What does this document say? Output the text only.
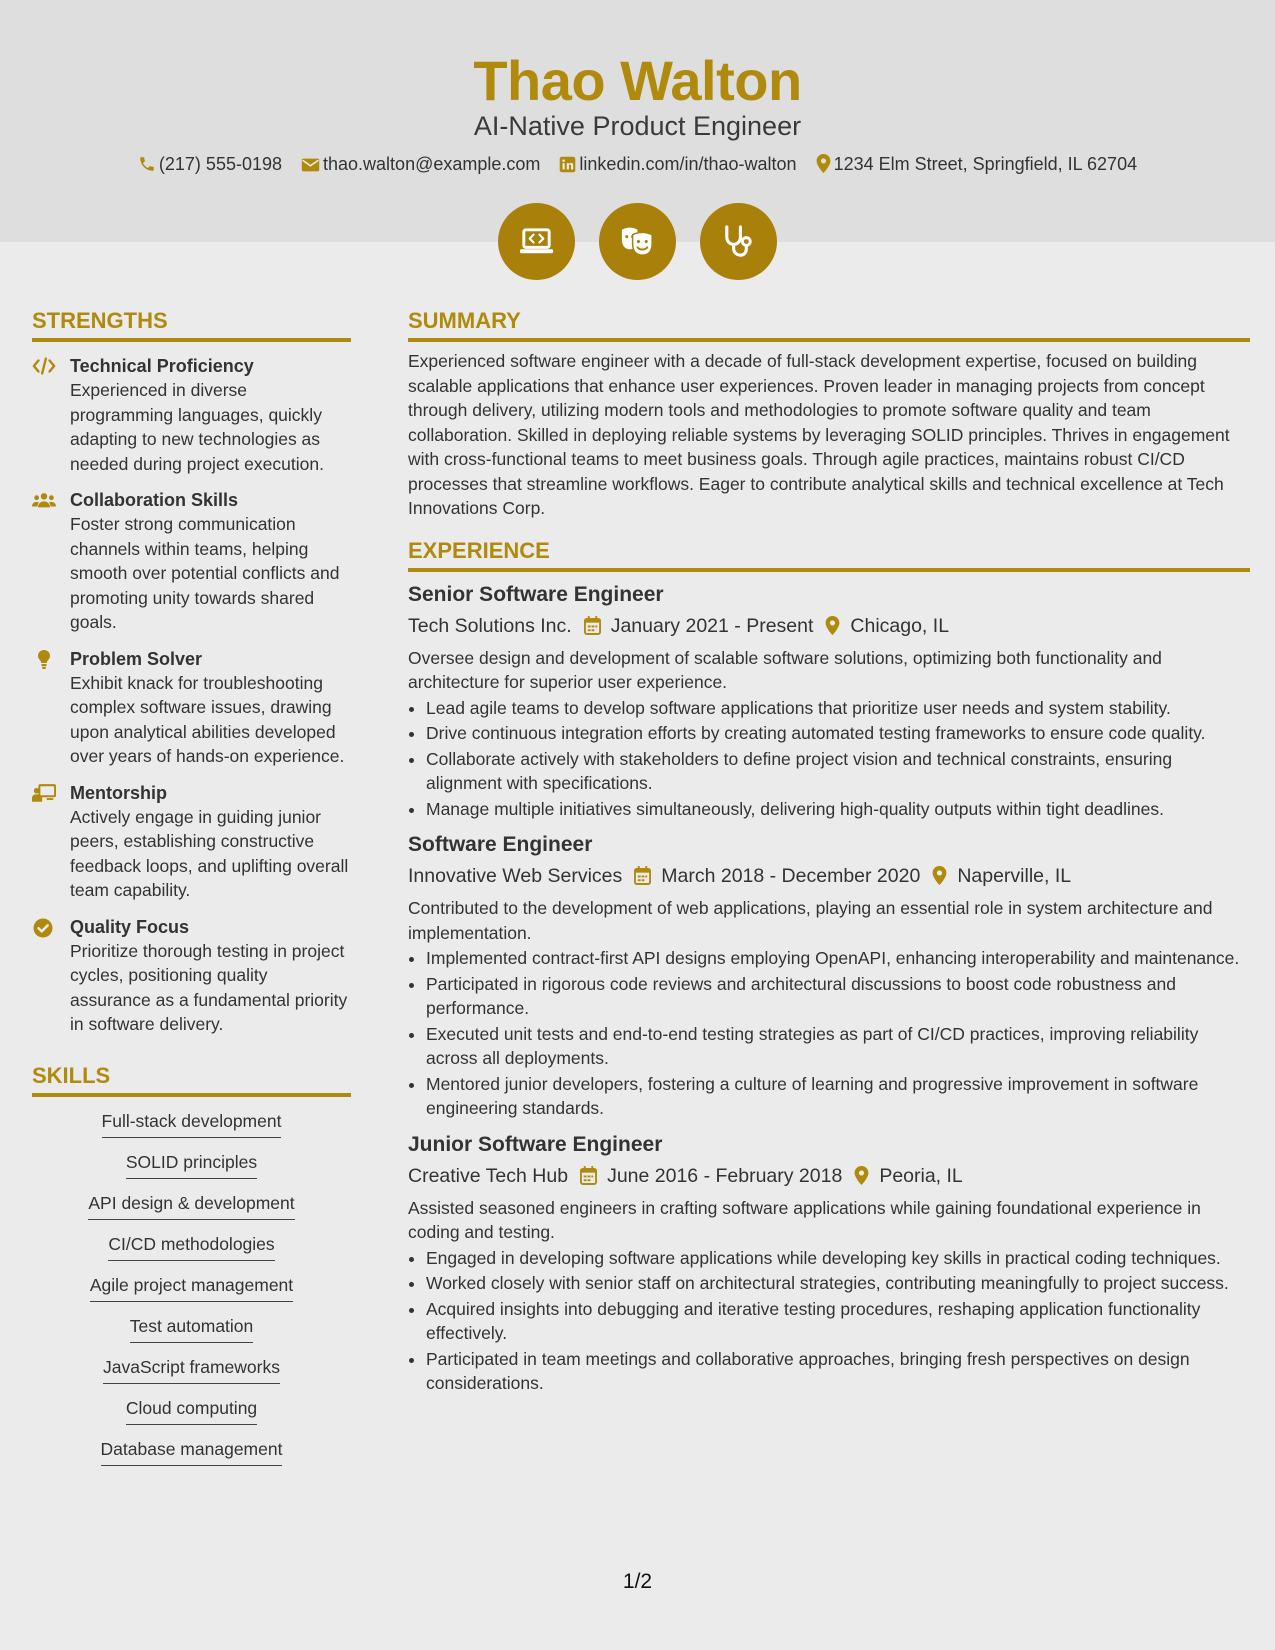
Thao Walton
AI-Native Product Engineer
(217) 555-0198 thao.walton@example.com linkedin.com/in/thao-walton 1234 Elm Street, Springfield, IL 62704

STRENGTHS
Technical Proficiency
Experienced in diverse programming languages, quickly adapting to new technologies as needed during project execution.
Collaboration Skills
Foster strong communication channels within teams, helping smooth over potential conflicts and promoting unity towards shared goals.
Problem Solver
Exhibit knack for troubleshooting complex software issues, drawing upon analytical abilities developed over years of hands-on experience.
Mentorship
Actively engage in guiding junior peers, establishing constructive feedback loops, and uplifting overall team capability.
Quality Focus
Prioritize thorough testing in project cycles, positioning quality assurance as a fundamental priority in software delivery.
SKILLS
Full-stack development
SOLID principles
API design & development
CI/CD methodologies
Agile project management
Test automation
JavaScript frameworks
Cloud computing
Database management
SUMMARY
Experienced software engineer with a decade of full-stack development expertise, focused on building scalable applications that enhance user experiences. Proven leader in managing projects from concept through delivery, utilizing modern tools and methodologies to promote software quality and team collaboration. Skilled in deploying reliable systems by leveraging SOLID principles. Thrives in engagement with cross-functional teams to meet business goals. Through agile practices, maintains robust CI/CD processes that streamline workflows. Eager to contribute analytical skills and technical excellence at Tech Innovations Corp.
EXPERIENCE
Senior Software Engineer
Tech Solutions Inc. January 2021 - Present Chicago, IL
Oversee design and development of scalable software solutions, optimizing both functionality and architecture for superior user experience.
• Lead agile teams to develop software applications that prioritize user needs and system stability.
• Drive continuous integration efforts by creating automated testing frameworks to ensure code quality.
• Collaborate actively with stakeholders to define project vision and technical constraints, ensuring alignment with specifications.
• Manage multiple initiatives simultaneously, delivering high-quality outputs within tight deadlines.
Software Engineer
Innovative Web Services March 2018 - December 2020 Naperville, IL
Contributed to the development of web applications, playing an essential role in system architecture and implementation.
• Implemented contract-first API designs employing OpenAPI, enhancing interoperability and maintenance.
• Participated in rigorous code reviews and architectural discussions to boost code robustness and performance.
• Executed unit tests and end-to-end testing strategies as part of CI/CD practices, improving reliability across all deployments.
• Mentored junior developers, fostering a culture of learning and progressive improvement in software engineering standards.
Junior Software Engineer
Creative Tech Hub June 2016 - February 2018 Peoria, IL
Assisted seasoned engineers in crafting software applications while gaining foundational experience in coding and testing.
• Engaged in developing software applications while developing key skills in practical coding techniques.
• Worked closely with senior staff on architectural strategies, contributing meaningfully to project success.
• Acquired insights into debugging and iterative testing procedures, reshaping application functionality effectively.
• Participated in team meetings and collaborative approaches, bringing fresh perspectives on design considerations.
1/2
